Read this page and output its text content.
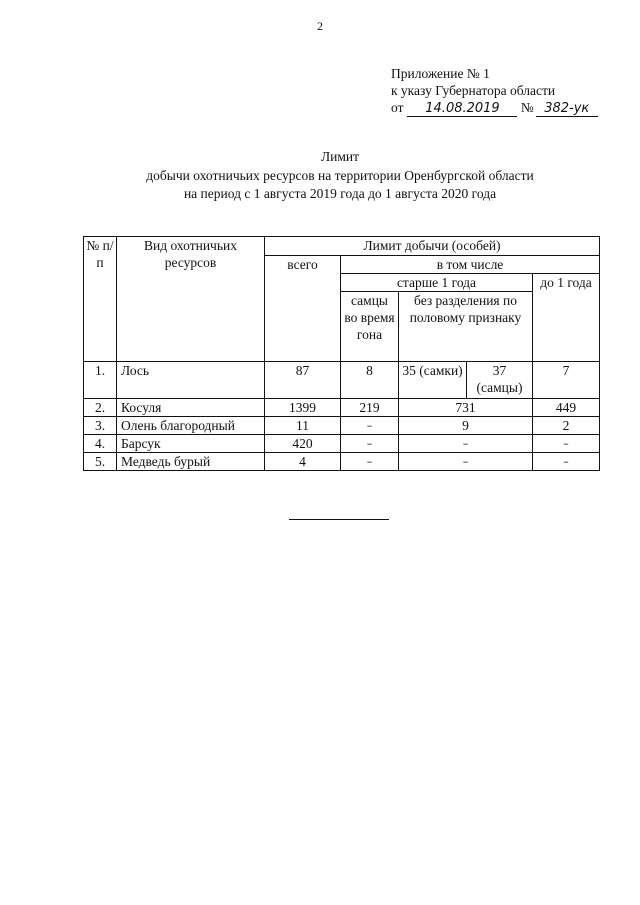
2
Приложение № 1
к указу Губернатора области
от 14.08.2019 № 382-ук
Лимит
добычи охотничьих ресурсов на территории Оренбургской области
на период с 1 августа 2019 года до 1 августа 2020 года
№ п/п	Вид охотничьих ресурсов	Лимит добычи (особей)				
		всего	в том числе			
			старше 1 года			до 1 года
			самцы во время гона	без разделения по половому признаку		
1.	Лось	87	8	35 (самки)	37 (самцы)	7
2.	Косуля	1399	219	731		449
3.	Олень благородный	11	–	9		2
4.	Барсук	420	–	–		–
5.	Медведь бурый	4	–	–		–
